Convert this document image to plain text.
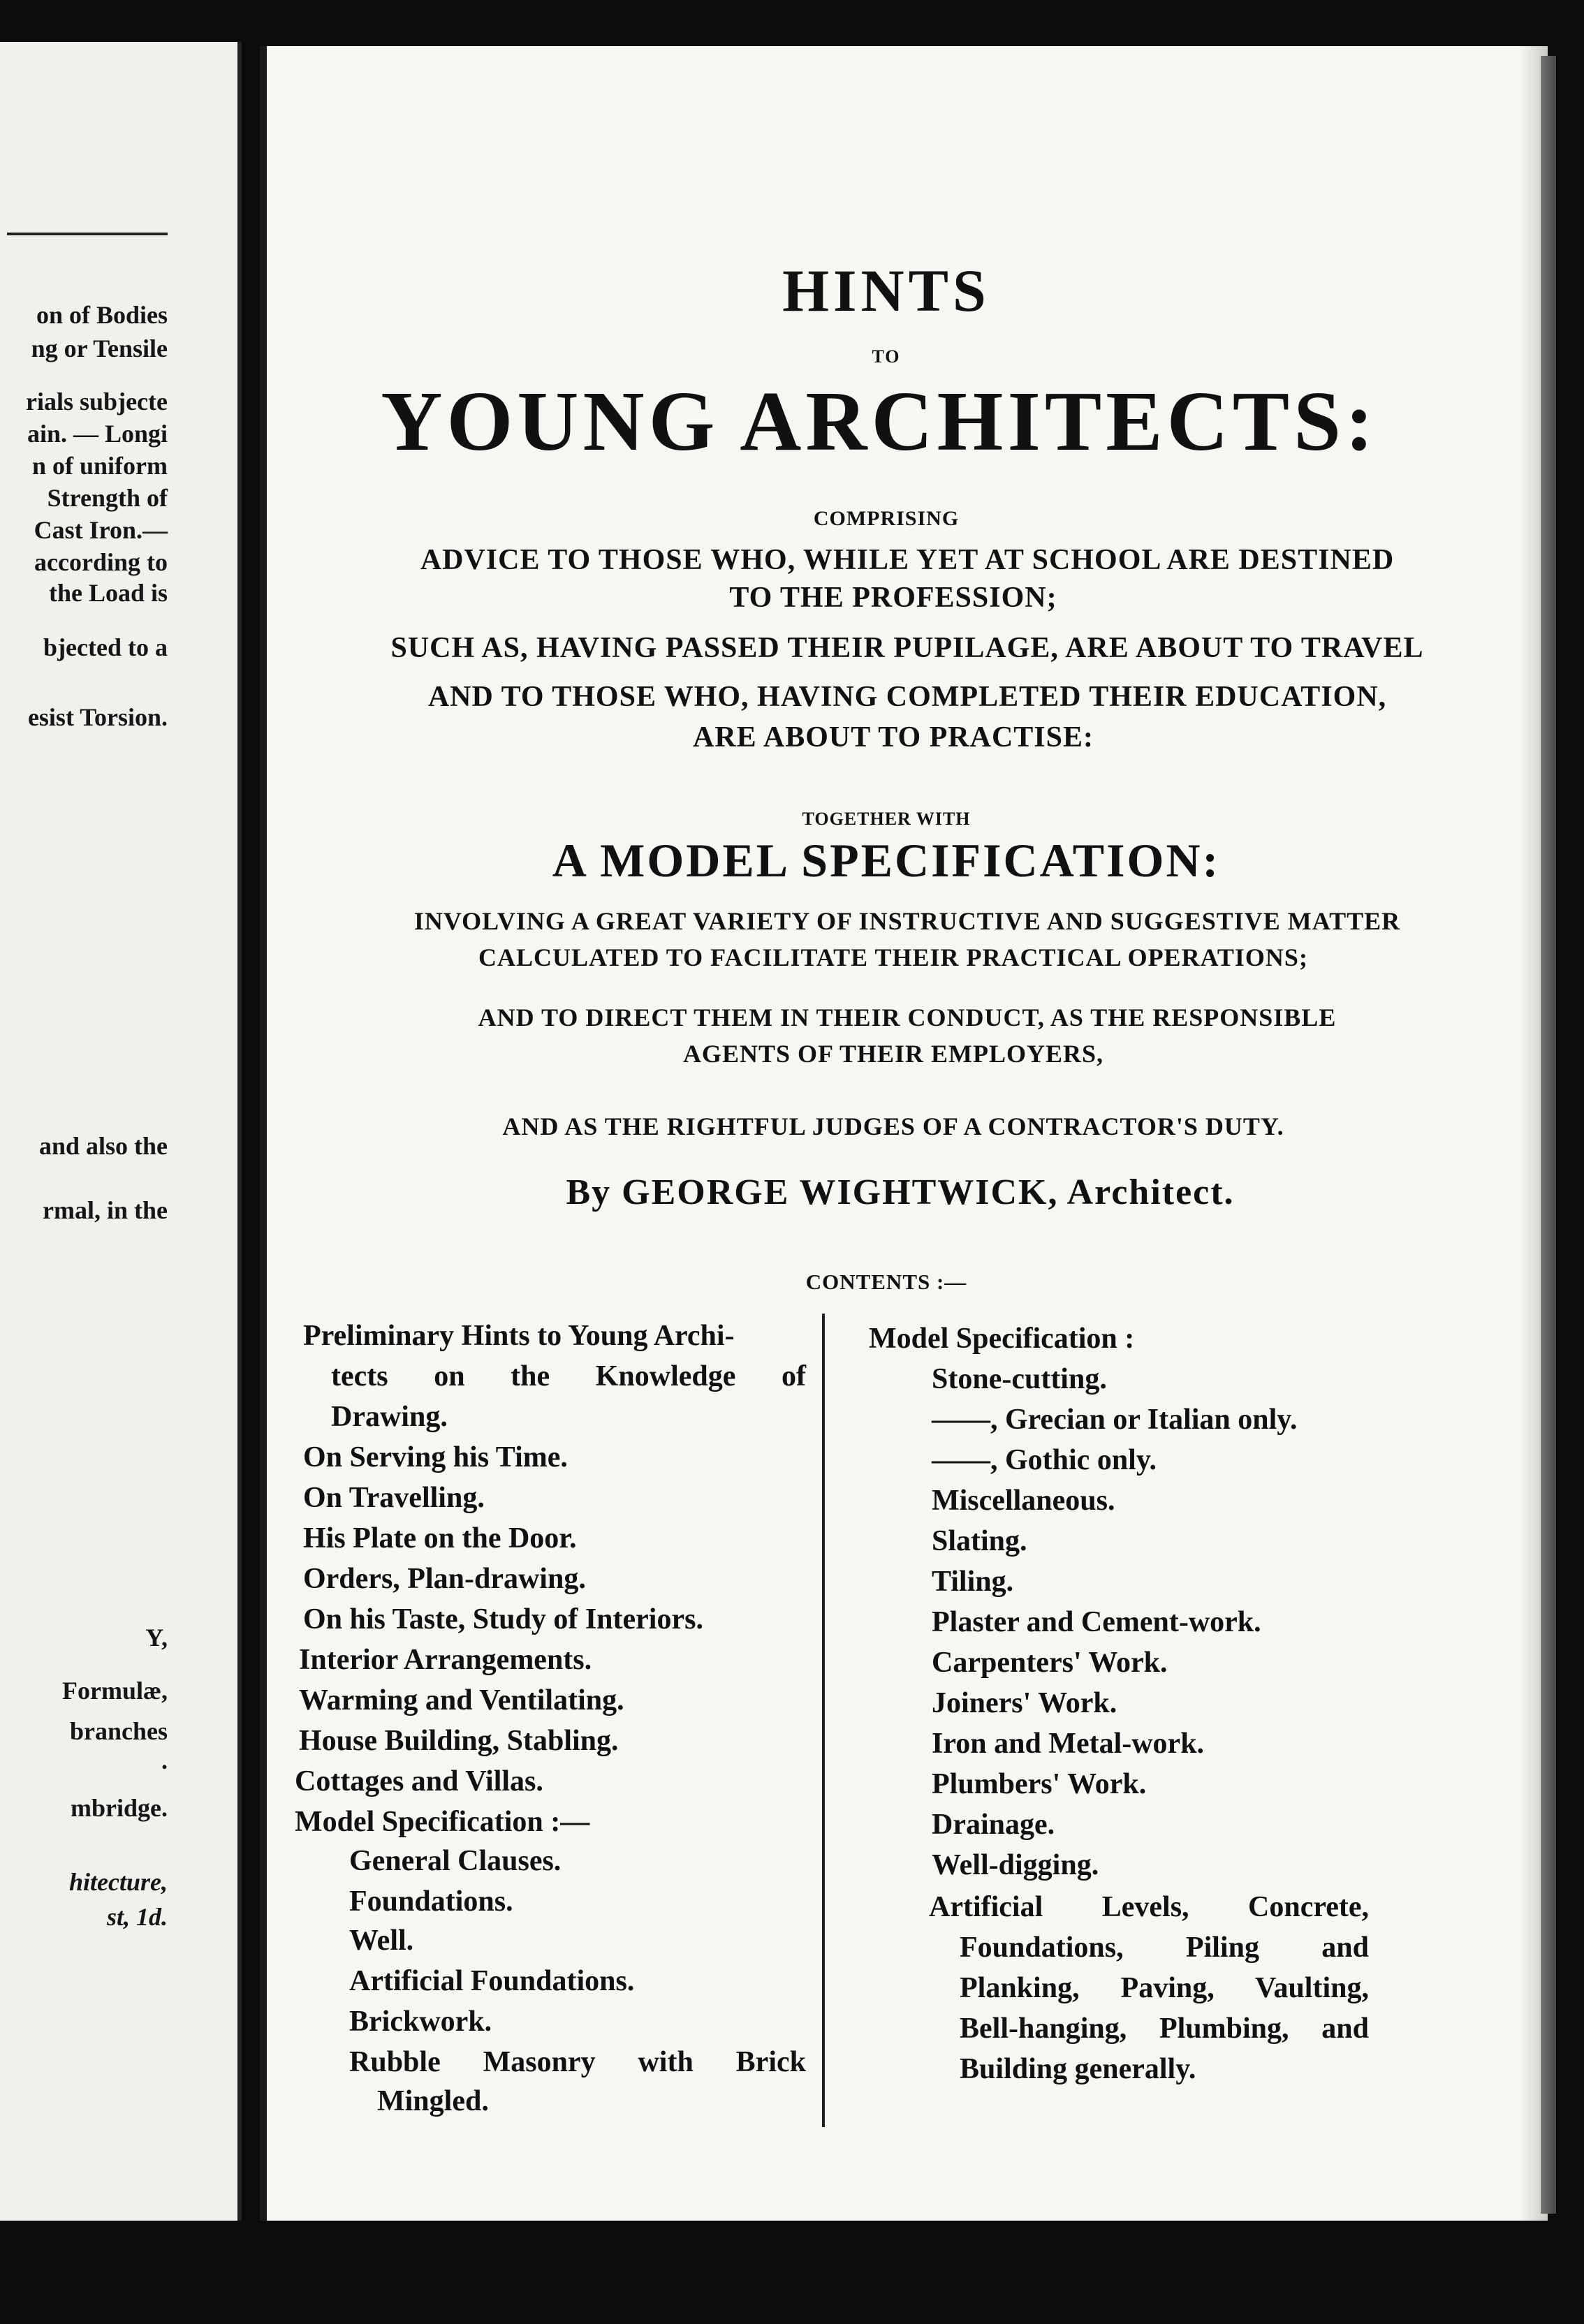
on of Bodies
ng or Tensile
rials subjecte
ain. — Longi
n of uniform
Strength of
Cast Iron.—
according to
the Load is
bjected to a
esist Torsion.
and also the
rmal, in the
Y,
Formulæ,
branches
.
mbridge.
hitecture,
st, 1d.
HINTS
TO
YOUNG ARCHITECTS:
COMPRISING
ADVICE TO THOSE WHO, WHILE YET AT SCHOOL ARE DESTINED
TO THE PROFESSION;
SUCH AS, HAVING PASSED THEIR PUPILAGE, ARE ABOUT TO TRAVEL
AND TO THOSE WHO, HAVING COMPLETED THEIR EDUCATION,
ARE ABOUT TO PRACTISE:
TOGETHER WITH
A MODEL SPECIFICATION:
INVOLVING A GREAT VARIETY OF INSTRUCTIVE AND SUGGESTIVE MATTER
CALCULATED TO FACILITATE THEIR PRACTICAL OPERATIONS;
AND TO DIRECT THEM IN THEIR CONDUCT, AS THE RESPONSIBLE
AGENTS OF THEIR EMPLOYERS,
AND AS THE RIGHTFUL JUDGES OF A CONTRACTOR'S DUTY.
By GEORGE WIGHTWICK, Architect.
CONTENTS :—
Preliminary Hints to Young Archi-
tects on the Knowledge of
Drawing.
On Serving his Time.
On Travelling.
His Plate on the Door.
Orders, Plan-drawing.
On his Taste, Study of Interiors.
Interior Arrangements.
Warming and Ventilating.
House Building, Stabling.
Cottages and Villas.
Model Specification :—
General Clauses.
Foundations.
Well.
Artificial Foundations.
Brickwork.
Rubble Masonry with Brick
Mingled.
Model Specification :
Stone-cutting.
——, Grecian or Italian only.
——, Gothic only.
Miscellaneous.
Slating.
Tiling.
Plaster and Cement-work.
Carpenters' Work.
Joiners' Work.
Iron and Metal-work.
Plumbers' Work.
Drainage.
Well-digging.
Artificial Levels, Concrete,
Foundations, Piling and
Planking, Paving, Vaulting,
Bell-hanging, Plumbing, and
Building generally.
